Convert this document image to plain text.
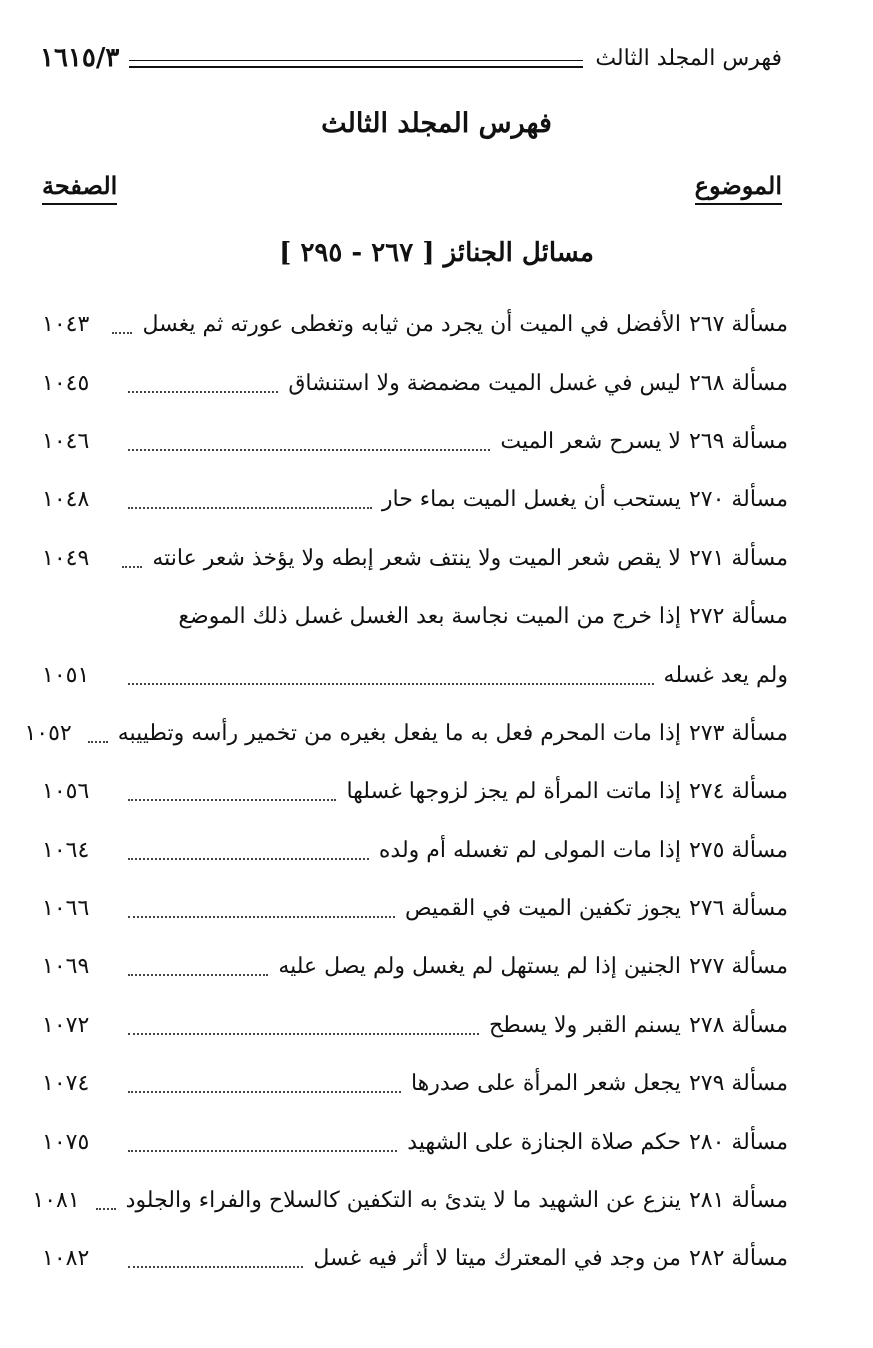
فهرس المجلد الثالث
١٦١٥/٣
فهرس المجلد الثالث
الموضوع
الصفحة
مسائل الجنائز [ ٢٦٧ - ٢٩٥ ]
مسألة ٢٦٧
الأفضل في الميت أن يجرد من ثيابه وتغطى عورته ثم يغسل
١٠٤٣
مسألة ٢٦٨
ليس في غسل الميت مضمضة ولا استنشاق
١٠٤٥
مسألة ٢٦٩
لا يسرح شعر الميت
١٠٤٦
مسألة ٢٧٠
يستحب أن يغسل الميت بماء حار
١٠٤٨
مسألة ٢٧١
لا يقص شعر الميت ولا ينتف شعر إبطه ولا يؤخذ شعر عانته
١٠٤٩
مسألة ٢٧٢
إذا خرج من الميت نجاسة بعد الغسل غسل ذلك الموضع
ولم يعد غسله
١٠٥١
مسألة ٢٧٣
إذا مات المحرم فعل به ما يفعل بغيره من تخمير رأسه وتطييبه
١٠٥٢
مسألة ٢٧٤
إذا ماتت المرأة لم يجز لزوجها غسلها
١٠٥٦
مسألة ٢٧٥
إذا مات المولى لم تغسله أم ولده
١٠٦٤
مسألة ٢٧٦
يجوز تكفين الميت في القميص
١٠٦٦
مسألة ٢٧٧
الجنين إذا لم يستهل لم يغسل ولم يصل عليه
١٠٦٩
مسألة ٢٧٨
يسنم القبر ولا يسطح
١٠٧٢
مسألة ٢٧٩
يجعل شعر المرأة على صدرها
١٠٧٤
مسألة ٢٨٠
حكم صلاة الجنازة على الشهيد
١٠٧٥
مسألة ٢٨١
ينزع عن الشهيد ما لا يتدئ به التكفين كالسلاح والفراء والجلود
١٠٨١
مسألة ٢٨٢
من وجد في المعترك ميتا لا أثر فيه غسل
١٠٨٢
